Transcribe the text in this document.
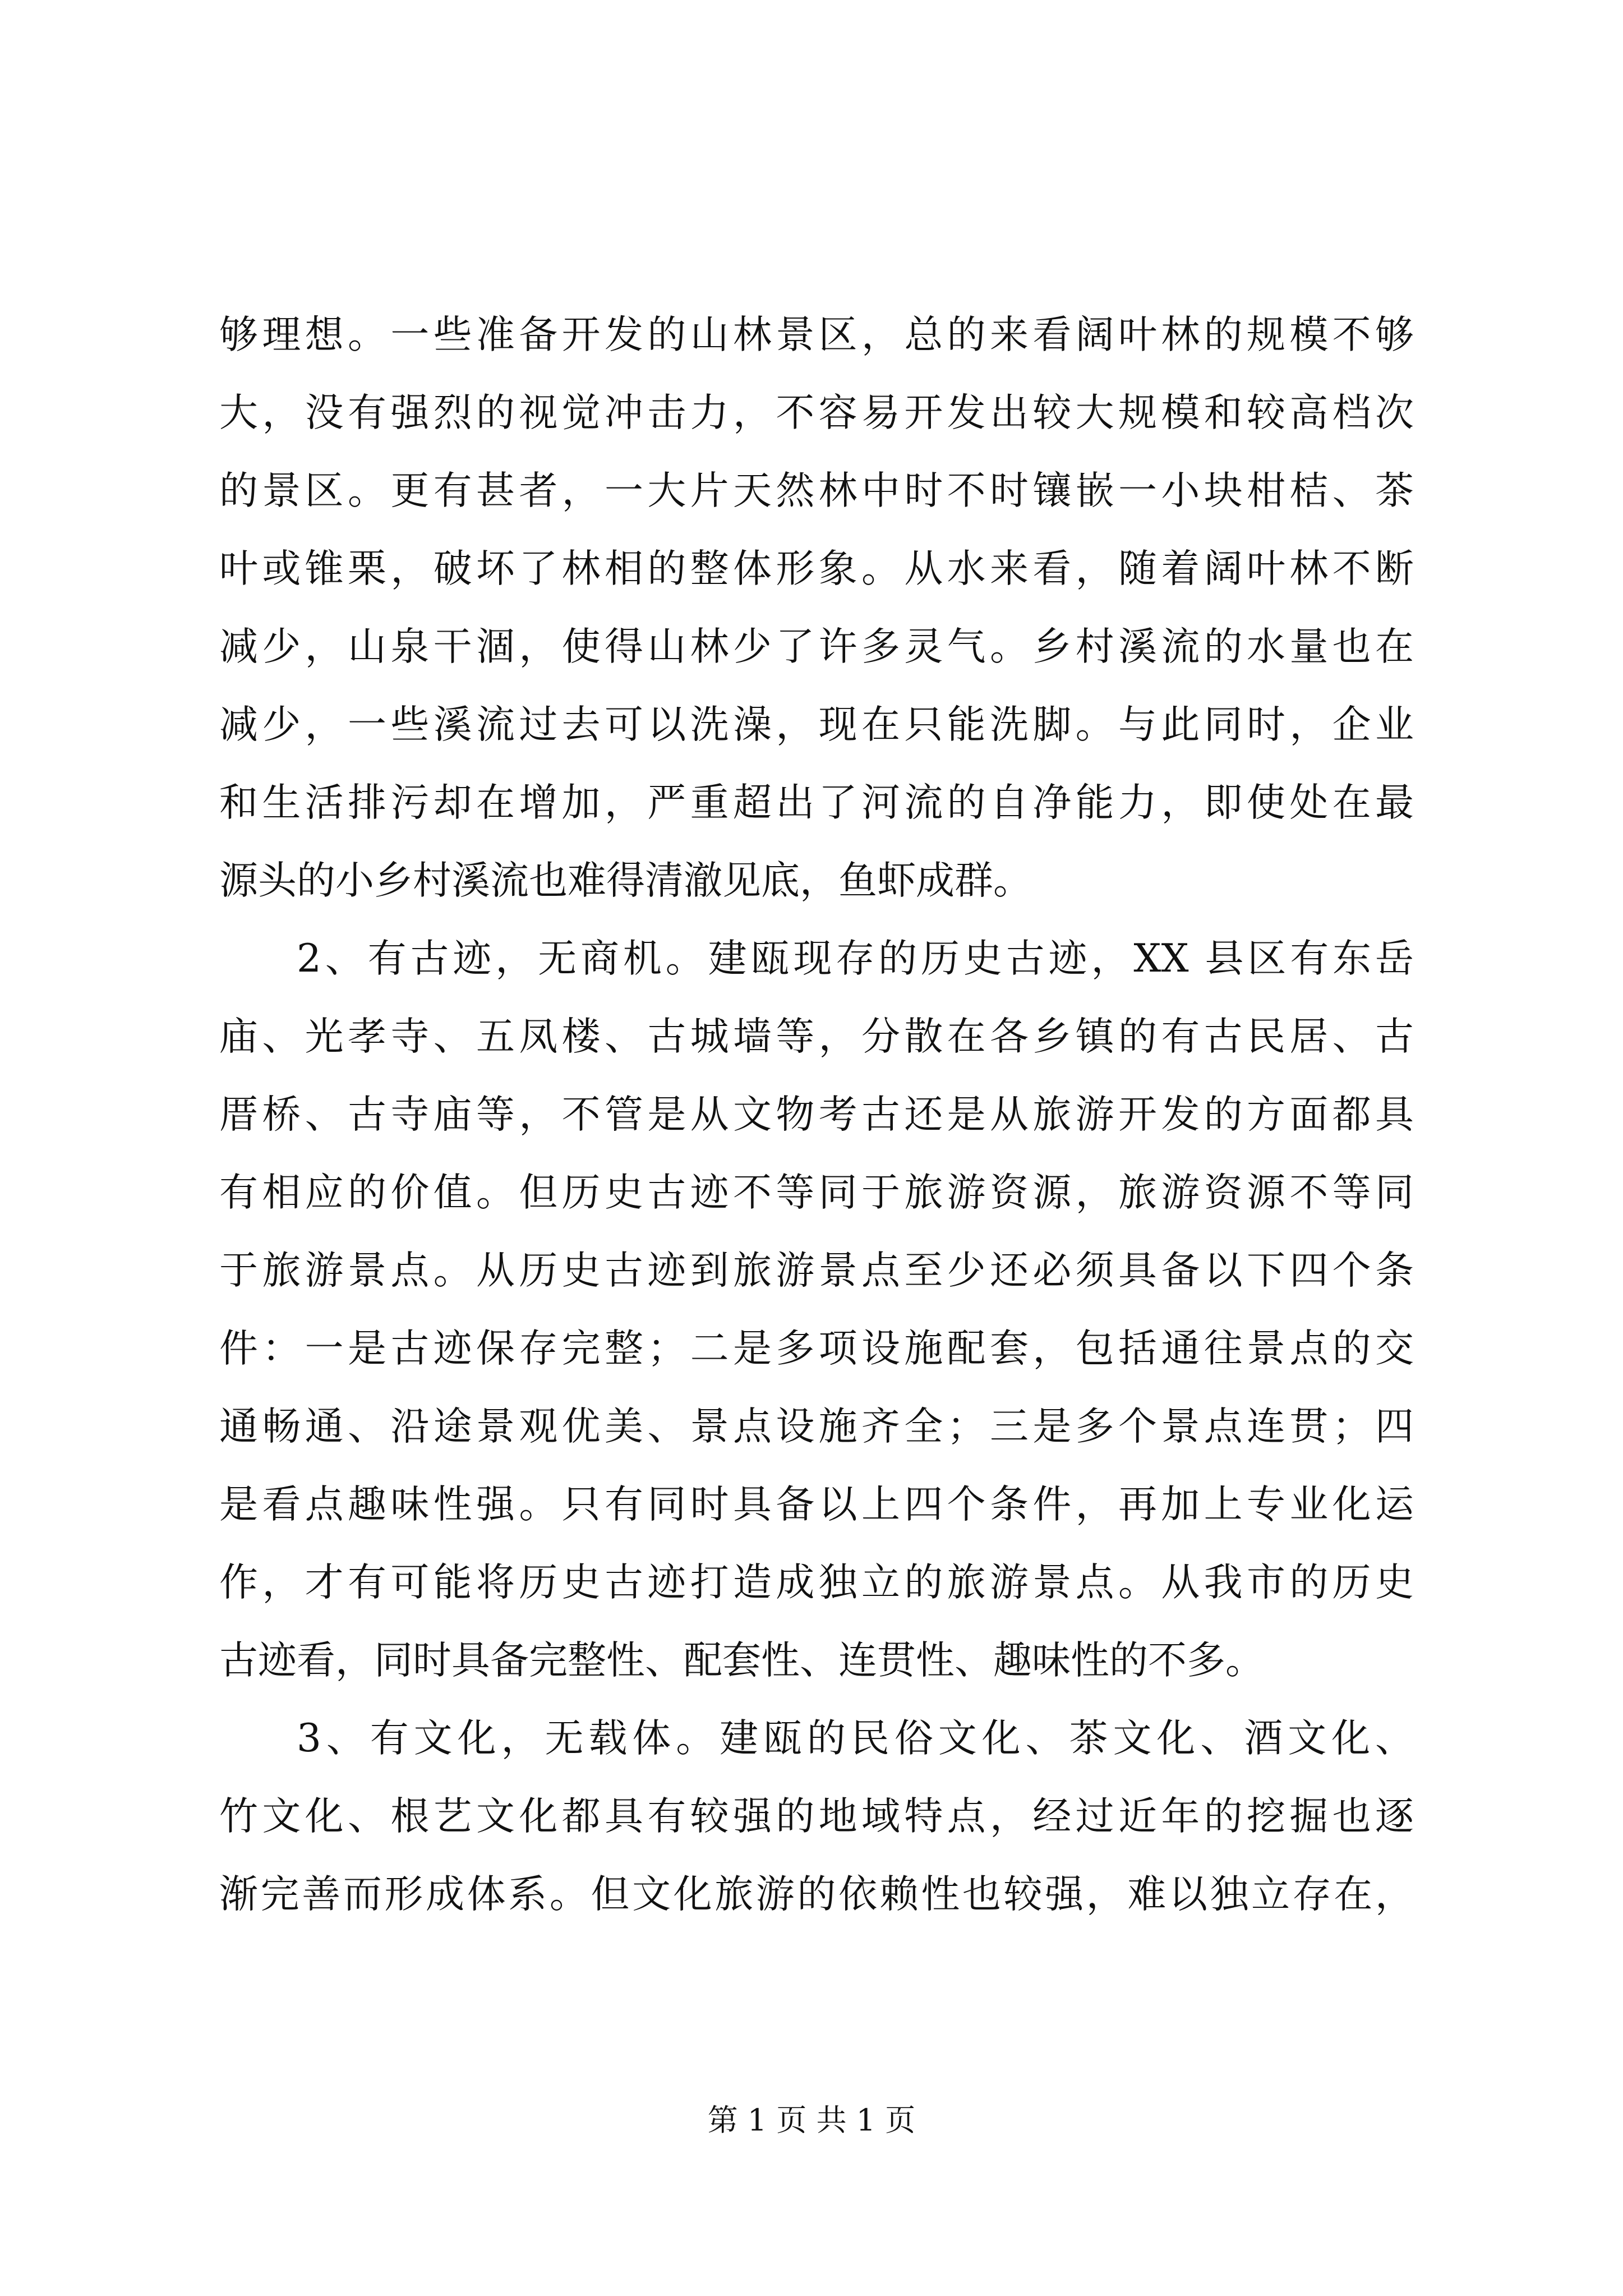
够理想。一些准备开发的山林景区，总的来看阔叶林的规模不够
大，没有强烈的视觉冲击力，不容易开发出较大规模和较高档次
的景区。更有甚者，一大片天然林中时不时镶嵌一小块柑桔、茶
叶或锥栗，破坏了林相的整体形象。从水来看，随着阔叶林不断
减少，山泉干涸，使得山林少了许多灵气。乡村溪流的水量也在
减少，一些溪流过去可以洗澡，现在只能洗脚。与此同时，企业
和生活排污却在增加，严重超出了河流的自净能力，即使处在最
源头的小乡村溪流也难得清澈见底，鱼虾成群。
2、有古迹，无商机。建瓯现存的历史古迹，XX 县区有东岳
庙、光孝寺、五凤楼、古城墙等，分散在各乡镇的有古民居、古
厝桥、古寺庙等，不管是从文物考古还是从旅游开发的方面都具
有相应的价值。但历史古迹不等同于旅游资源，旅游资源不等同
于旅游景点。从历史古迹到旅游景点至少还必须具备以下四个条
件：一是古迹保存完整；二是多项设施配套，包括通往景点的交
通畅通、沿途景观优美、景点设施齐全；三是多个景点连贯；四
是看点趣味性强。只有同时具备以上四个条件，再加上专业化运
作，才有可能将历史古迹打造成独立的旅游景点。从我市的历史
古迹看，同时具备完整性、配套性、连贯性、趣味性的不多。
3、有文化，无载体。建瓯的民俗文化、茶文化、酒文化、
竹文化、根艺文化都具有较强的地域特点，经过近年的挖掘也逐
渐完善而形成体系。但文化旅游的依赖性也较强，难以独立存在，
第 1 页 共 1 页
